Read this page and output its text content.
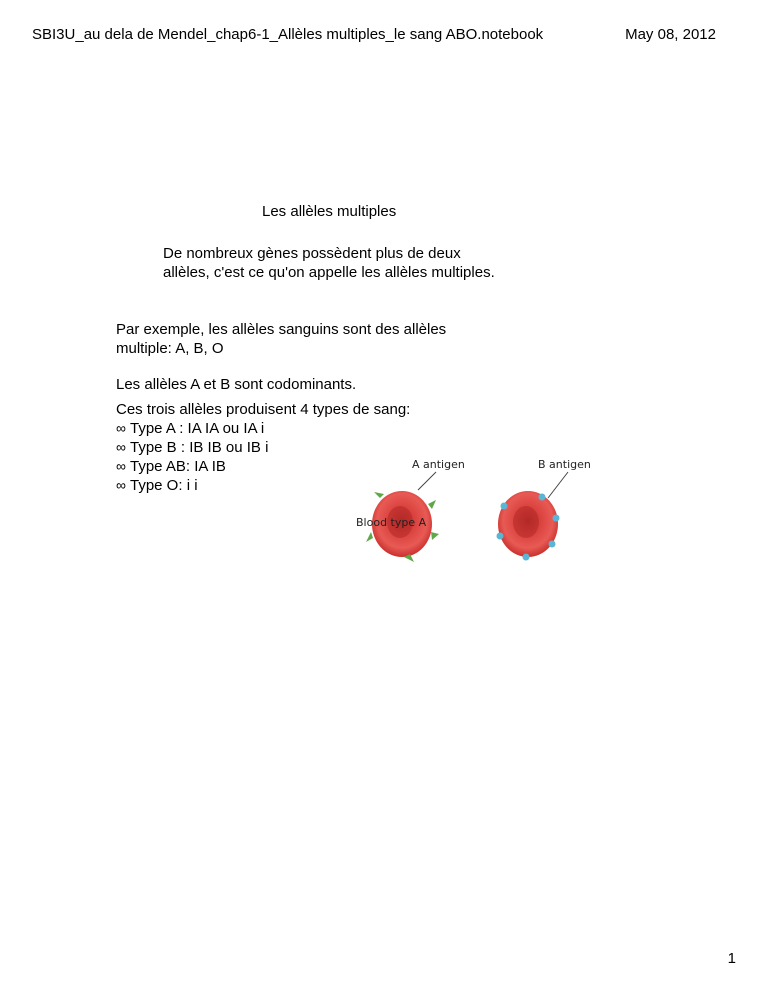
SBI3U_au dela de Mendel_chap6-1_Allèles multiples_le sang ABO.notebook	May 08, 2012
Les allèles multiples
De nombreux gènes possèdent plus de deux
allèles, c'est ce qu'on appelle les allèles multiples.
Par exemple, les allèles sanguins sont des allèles
multiple: A, B, O
Les allèles A et B sont codominants.
Ces trois allèles produisent 4 types de sang:
∞ Type A : IA IA ou IA i
∞ Type B : IB IB ou IB i
∞ Type AB: IA IB
∞ Type O: i i
A antigen	B antigen
Blood type A
1
